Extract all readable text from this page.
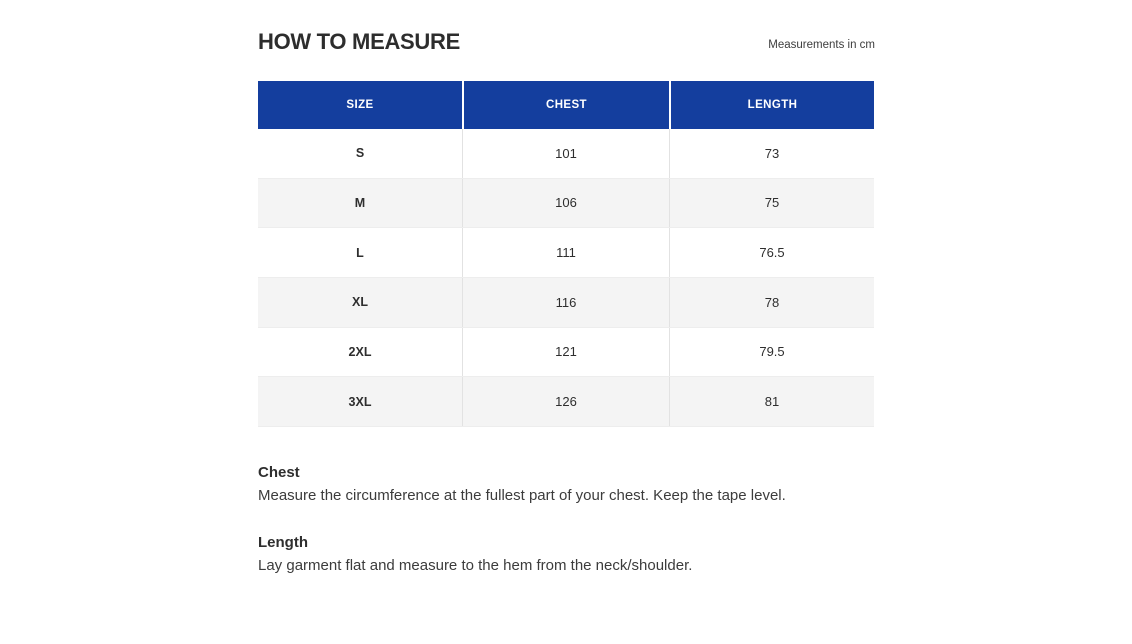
HOW TO MEASURE	Measurements in cm
SIZE	CHEST	LENGTH
S	101	73
M	106	75
L	111	76.5
XL	116	78
2XL	121	79.5
3XL	126	81

Chest

Measure the circumference at the fullest part of your chest. Keep the tape level.

Length

Lay garment flat and measure to the hem from the neck/shoulder.
